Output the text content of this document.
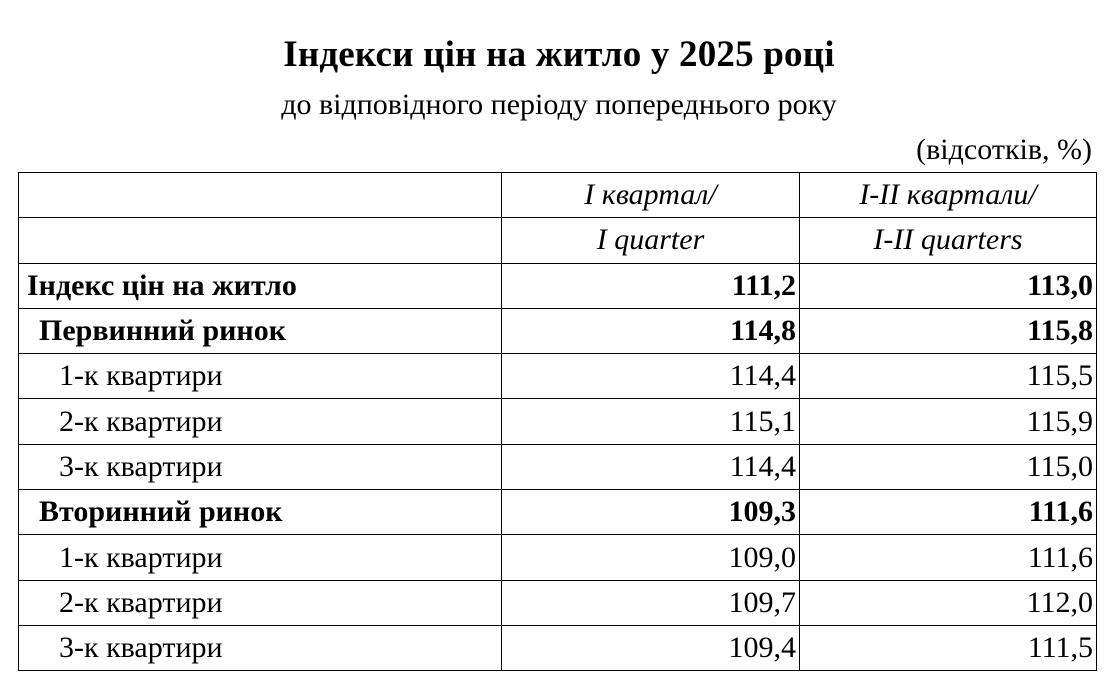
Індекси цін на житло у 2025 році
до відповідного періоду попереднього року
(відсотків, %)
	I квартал/	I-II квартали/
	I quarter	I-II quarters
Індекс цін на житло	111,2	113,0
Первинний ринок	114,8	115,8
1-к квартири	114,4	115,5
2-к квартири	115,1	115,9
3-к квартири	114,4	115,0
Вторинний ринок	109,3	111,6
1-к квартири	109,0	111,6
2-к квартири	109,7	112,0
3-к квартири	109,4	111,5
